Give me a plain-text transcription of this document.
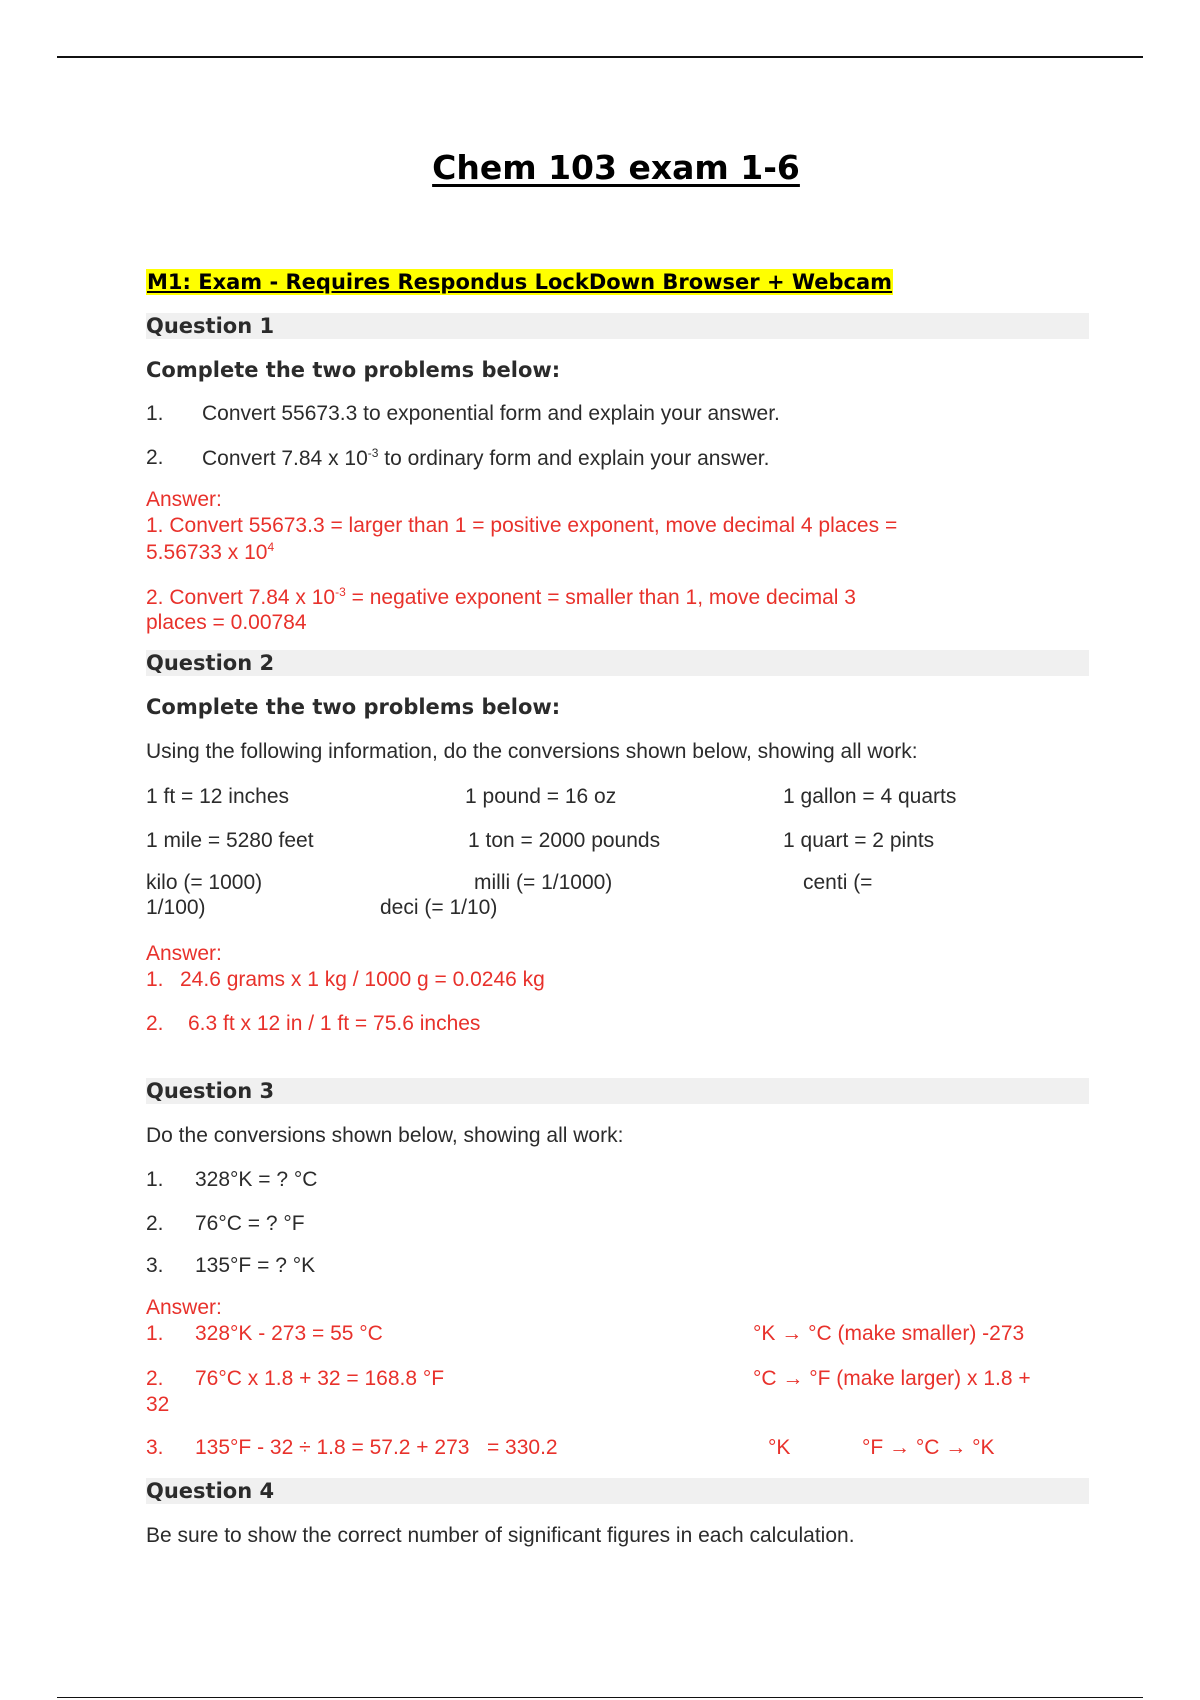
Chem 103 exam 1-6
M1: Exam - Requires Respondus LockDown Browser + Webcam
Question 1
Complete the two problems below:
1. Convert 55673.3 to exponential form and explain your answer.
2. Convert 7.84 x $10^{-3}$ to ordinary form and explain your answer.
Answer:
1. Convert 55673.3 = larger than 1 = positive exponent, move decimal 4 places =
5.56733 x $10^4$
2. Convert 7.84 x $10^{-3}$ = negative exponent = smaller than 1, move decimal 3
places = 0.00784
Question 2
Complete the two problems below:
Using the following information, do the conversions shown below, showing all work:
1 ft = 12 inches	1 pound = 16 oz	1 gallon = 4 quarts
1 mile = 5280 feet	1 ton = 2000 pounds	1 quart = 2 pints
kilo (= 1000)	milli (= 1/1000)	centi (=
1/100)	deci (= 1/10)
Answer:
1. 24.6 grams x 1 kg / 1000 g = 0.0246 kg
2. 6.3 ft x 12 in / 1 ft = 75.6 inches
Question 3
Do the conversions shown below, showing all work:
1. 328°K = ? °C
2. 76°C = ? °F
3. 135°F = ? °K
Answer:
1. 328°K - 273 = 55 °C	°K → °C (make smaller) -273
2. 76°C x 1.8 + 32 = 168.8 °F	°C → °F (make larger) x 1.8 +
32
3. 135°F - 32 ÷ 1.8 = 57.2 + 273   = 330.2	°K	°F → °C → °K
Question 4
Be sure to show the correct number of significant figures in each calculation.
